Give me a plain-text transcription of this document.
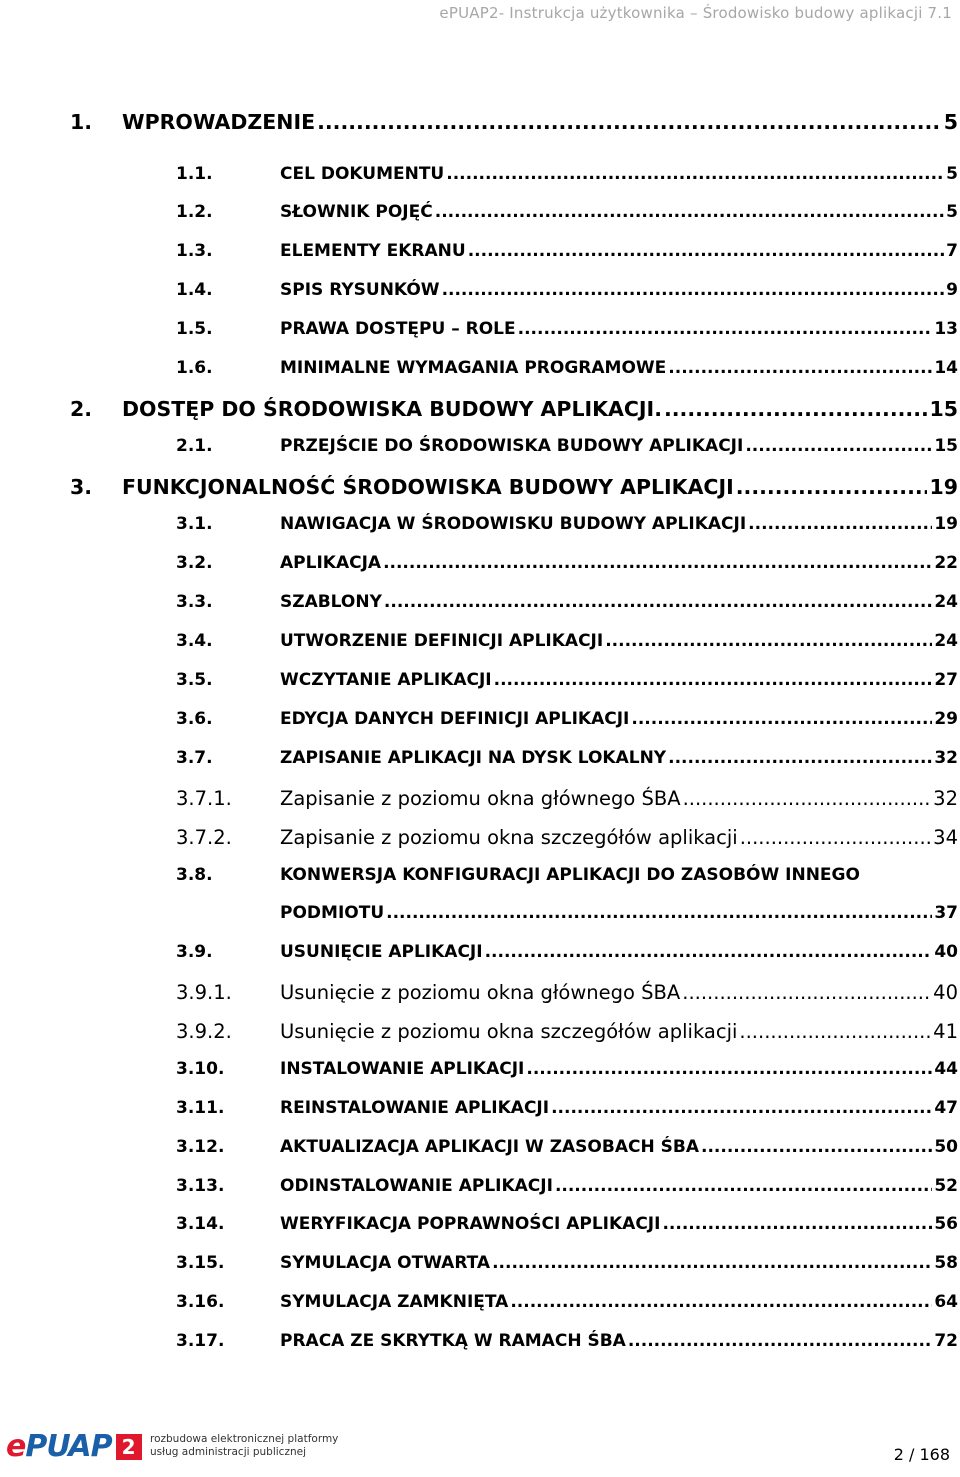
ePUAP2- Instrukcja użytkownika – Środowisko budowy aplikacji 7.1
1. WPROWADZENIE .....	5
1.1.	CEL DOKUMENTU .....	5
1.2.	SŁOWNIK POJĘĆ .....	5
1.3.	ELEMENTY EKRANU .....	7
1.4.	SPIS RYSUNKÓW .....	9
1.5.	PRAWA DOSTĘPU – ROLE .....	13
1.6.	MINIMALNE WYMAGANIA PROGRAMOWE .....	14
2. DOSTĘP DO ŚRODOWISKA BUDOWY APLIKACJI. .....	15
2.1.	PRZEJŚCIE DO ŚRODOWISKA BUDOWY APLIKACJI .....	15
3. FUNKCJONALNOŚĆ ŚRODOWISKA BUDOWY APLIKACJI .....	19
3.1.	NAWIGACJA W ŚRODOWISKU BUDOWY APLIKACJI .....	19
3.2.	APLIKACJA .....	22
3.3.	SZABLONY .....	24
3.4.	UTWORZENIE DEFINICJI APLIKACJI .....	24
3.5.	WCZYTANIE APLIKACJI .....	27
3.6.	EDYCJA DANYCH DEFINICJI APLIKACJI .....	29
3.7.	ZAPISANIE APLIKACJI NA DYSK LOKALNY .....	32
3.7.1. Zapisanie z poziomu okna głównego ŚBA .....	32
3.7.2. Zapisanie z poziomu okna szczegółów aplikacji .....	34
3.8.	KONWERSJA KONFIGURACJI APLIKACJI DO ZASOBÓW INNEGO
PODMIOTU .....	37
3.9.	USUNIĘCIE APLIKACJI .....	40
3.9.1. Usunięcie z poziomu okna głównego ŚBA .....	40
3.9.2. Usunięcie z poziomu okna szczegółów aplikacji .....	41
3.10.	INSTALOWANIE APLIKACJI .....	44
3.11.	REINSTALOWANIE APLIKACJI .....	47
3.12.	AKTUALIZACJA APLIKACJI W ZASOBACH ŚBA .....	50
3.13.	ODINSTALOWANIE APLIKACJI .....	52
3.14.	WERYFIKACJA POPRAWNOŚCI APLIKACJI .....	56
3.15.	SYMULACJA OTWARTA .....	58
3.16.	SYMULACJA ZAMKNIĘTA .....	64
3.17.	PRACA ZE SKRYTKĄ W RAMACH ŚBA .....	72
ePUAP 2	rozbudowa elektronicznej platformy
usług administracji publicznej	2 / 168
